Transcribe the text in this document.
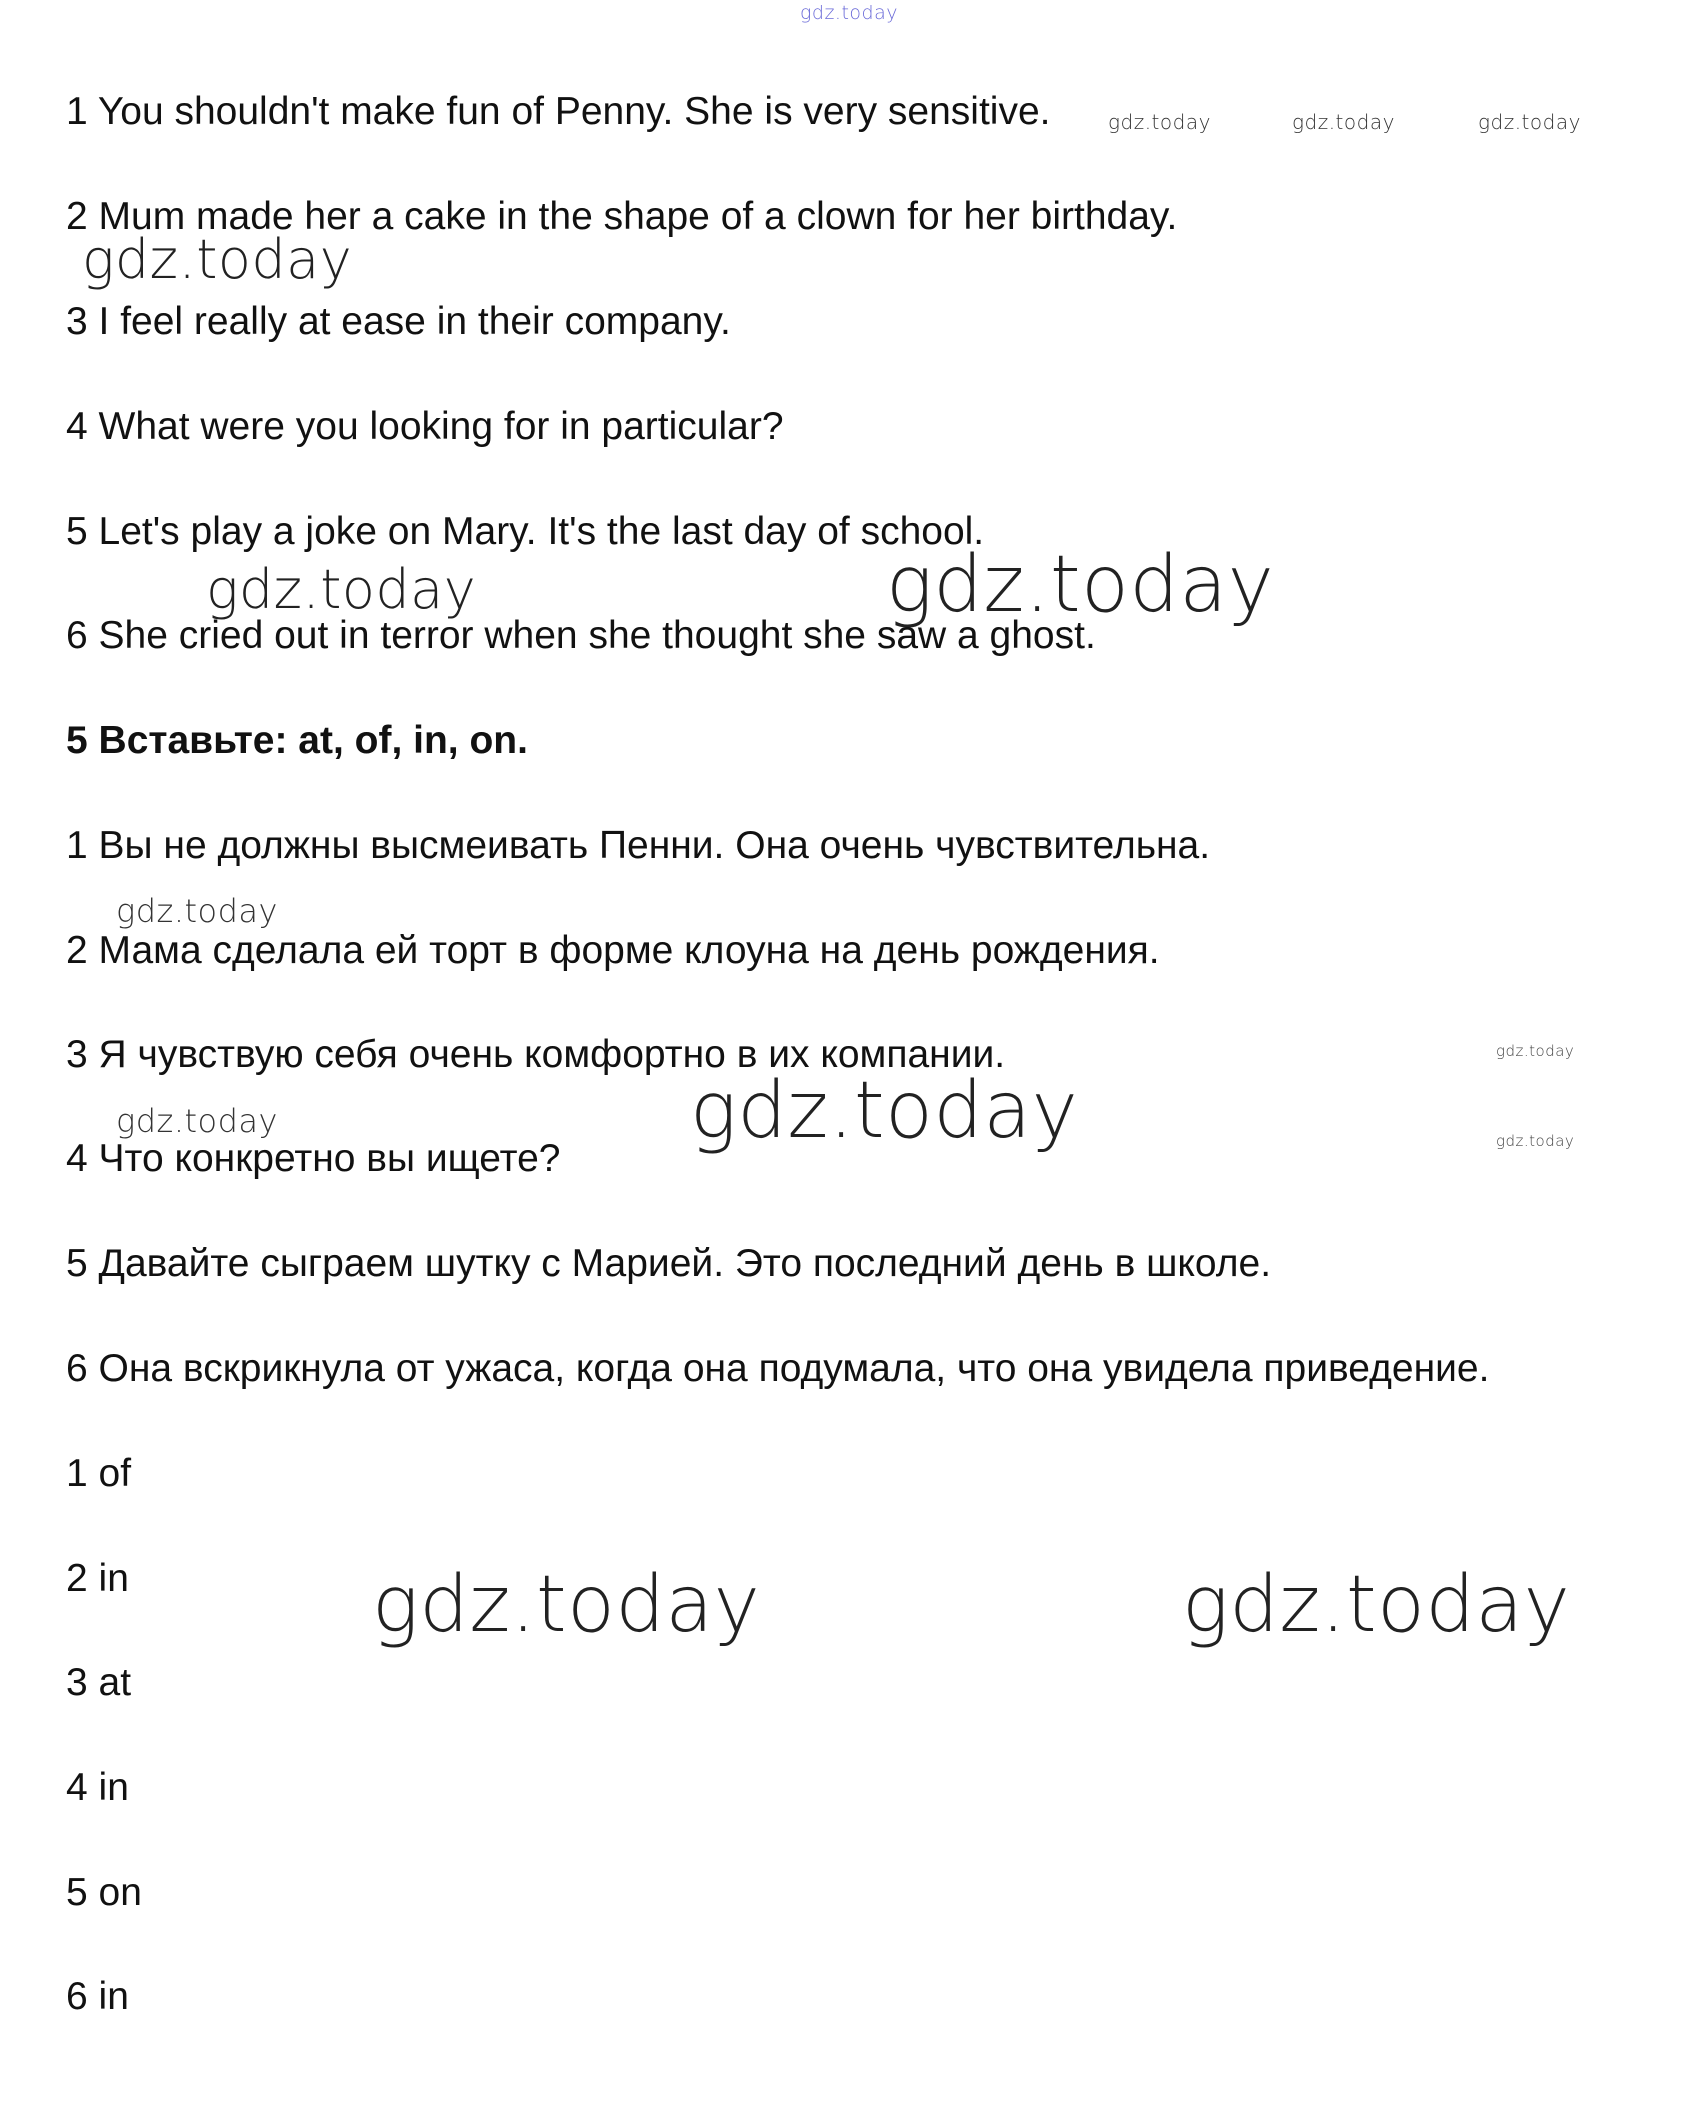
gdz.today
gdz.today	gdz.today	gdz.today
gdz.today
gdz.today	gdz.today
gdz.today
gdz.today
gdz.today	gdz.today	gdz.today
gdz.today	gdz.today

1 You shouldn't make fun of Penny. She is very sensitive.

2 Mum made her a cake in the shape of a clown for her birthday.

3 I feel really at ease in their company.

4 What were you looking for in particular?

5 Let's play a joke on Mary. It's the last day of school.

6 She cried out in terror when she thought she saw a ghost.

5 Вставьте: at, of, in, on.

1 Вы не должны высмеивать Пенни. Она очень чувствительна.

2 Мама сделала ей торт в форме клоуна на день рождения.

3 Я чувствую себя очень комфортно в их компании.

4 Что конкретно вы ищете?

5 Давайте сыграем шутку с Марией. Это последний день в школе.

6 Она вскрикнула от ужаса, когда она подумала, что она увидела приведение.

1 of

2 in

3 at

4 in

5 on

6 in
